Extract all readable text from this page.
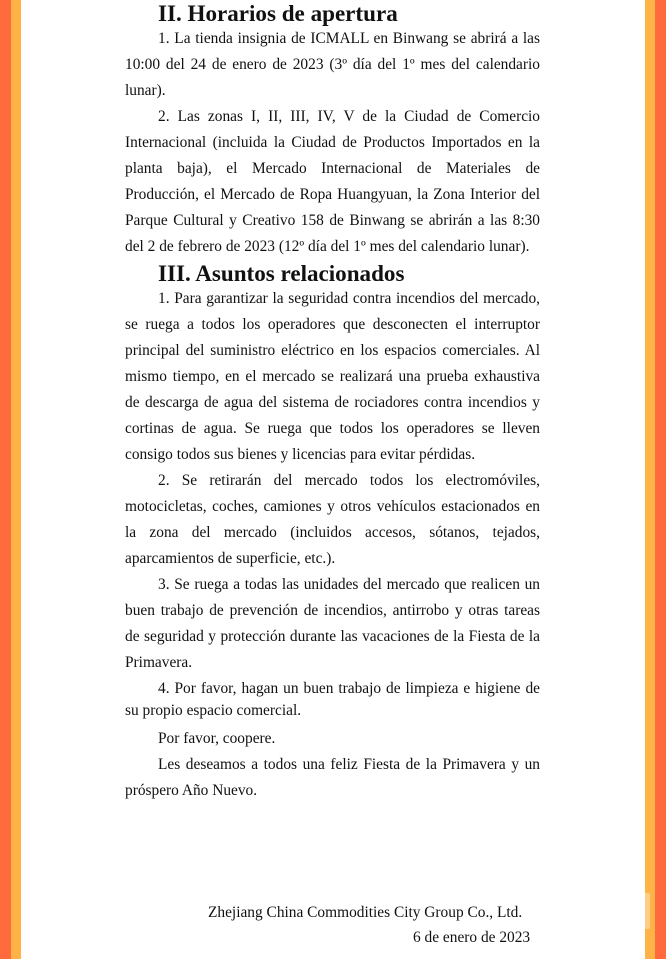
II. Horarios de apertura

1. La tienda insignia de ICMALL en Binwang se abrirá a las 10:00 del 24 de enero de 2023 (3º día del 1º mes del calendario lunar).

2. Las zonas I, II, III, IV, V de la Ciudad de Comercio Internacional (incluida la Ciudad de Productos Importados en la planta baja), el Mercado Internacional de Materiales de Producción, el Mercado de Ropa Huangyuan, la Zona Interior del Parque Cultural y Creativo 158 de Binwang se abrirán a las 8:30 del 2 de febrero de 2023 (12º día del 1º mes del calendario lunar).

III. Asuntos relacionados

1. Para garantizar la seguridad contra incendios del mercado, se ruega a todos los operadores que desconecten el interruptor principal del suministro eléctrico en los espacios comerciales. Al mismo tiempo, en el mercado se realizará una prueba exhaustiva de descarga de agua del sistema de rociadores contra incendios y cortinas de agua. Se ruega que todos los operadores se lleven consigo todos sus bienes y licencias para evitar pérdidas.

2. Se retirarán del mercado todos los electromóviles, motocicletas, coches, camiones y otros vehículos estacionados en la zona del mercado (incluidos accesos, sótanos, tejados, aparcamientos de superficie, etc.).

3. Se ruega a todas las unidades del mercado que realicen un buen trabajo de prevención de incendios, antirrobo y otras tareas de seguridad y protección durante las vacaciones de la Fiesta de la Primavera.

4. Por favor, hagan un buen trabajo de limpieza e higiene de su propio espacio comercial.

Por favor, coopere.

Les deseamos a todos una feliz Fiesta de la Primavera y un próspero Año Nuevo.

Zhejiang China Commodities City Group Co., Ltd.
6 de enero de 2023
